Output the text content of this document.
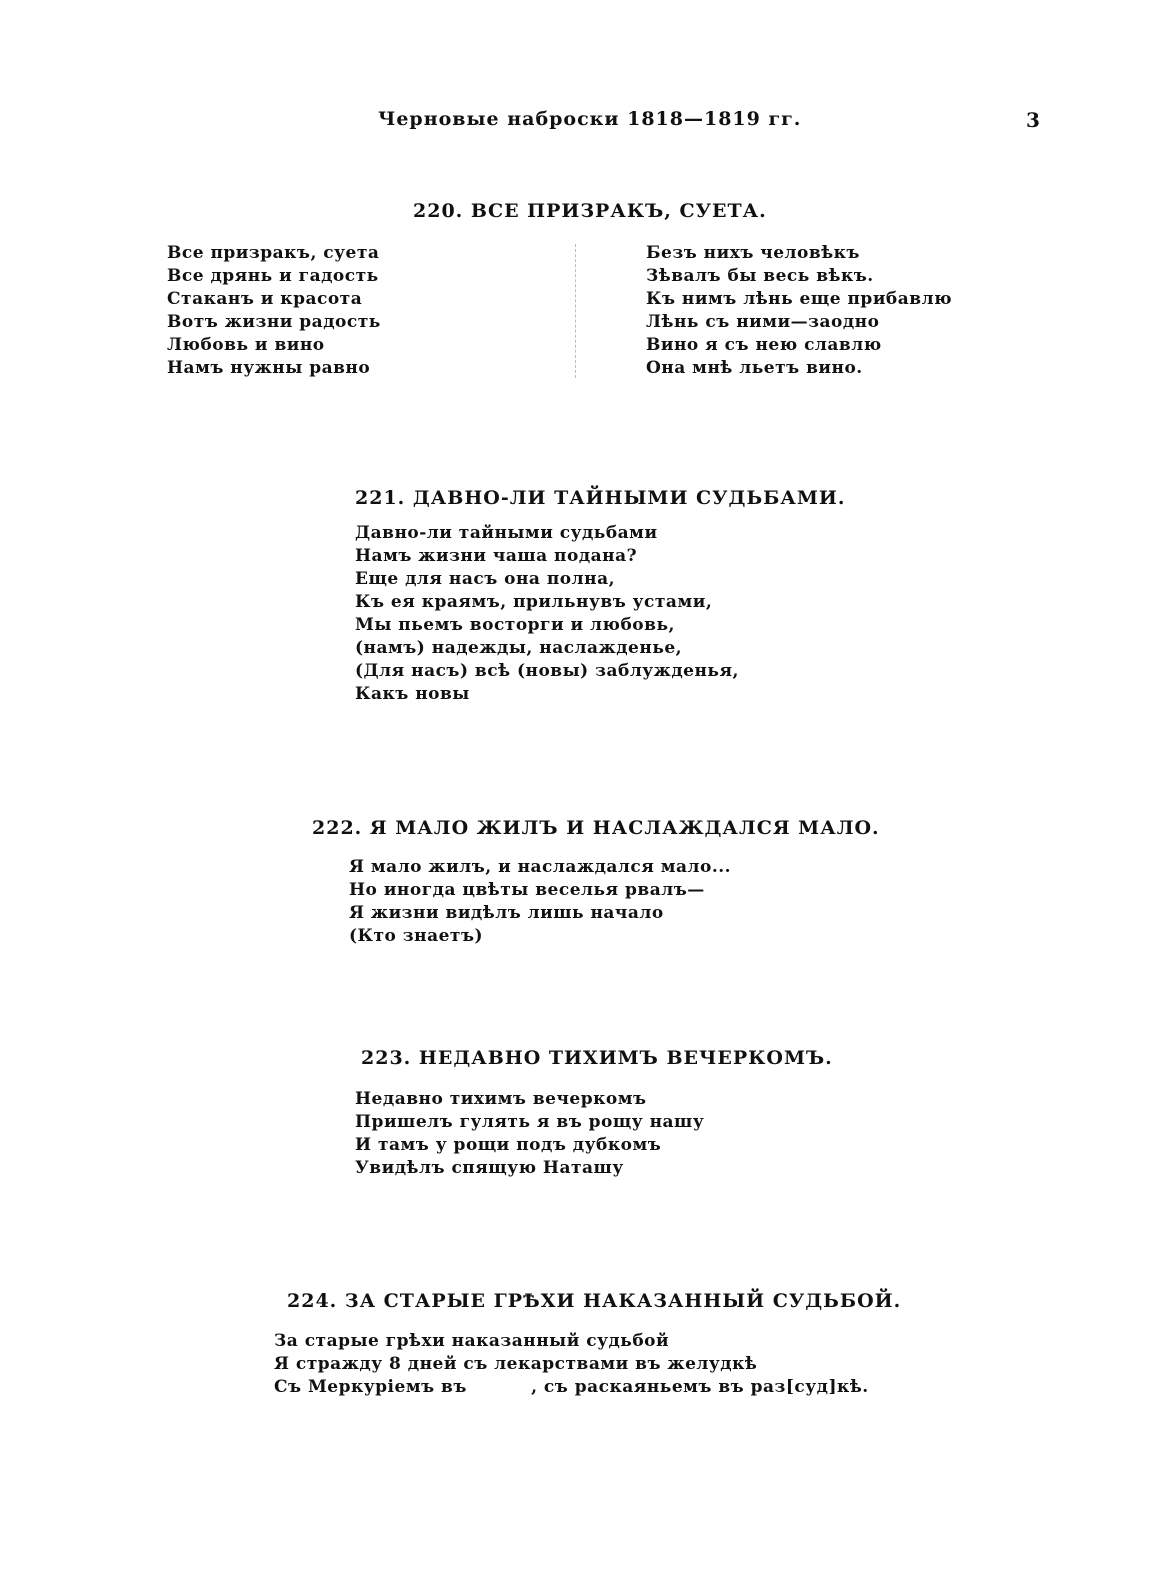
Черновые наброски 1818—1819 гг.	3
220. ВСЕ ПРИЗРАКЪ, СУЕТА.
Все призракъ, суета
Все дрянь и гадость
Стаканъ и красота
Вотъ жизни радость
Любовь и вино
Намъ нужны равно
Безъ нихъ человѣкъ
Зѣвалъ бы весь вѣкъ.
Къ нимъ лѣнь еще прибавлю
Лѣнь съ ними—заодно
Вино я съ нею славлю
Она мнѣ льетъ вино.
221. ДАВНО-ЛИ ТАЙНЫМИ СУДЬБАМИ.
Давно-ли тайными судьбами
Намъ жизни чаша подана?
Еще для насъ она полна,
Къ ея краямъ, прильнувъ устами,
Мы пьемъ восторги и любовь,
(намъ) надежды, наслажденье,
(Для насъ) всѣ (новы) заблужденья,
Какъ новы
222. Я МАЛО ЖИЛЪ И НАСЛАЖДАЛСЯ МАЛО.
Я мало жилъ, и наслаждался мало...
Но иногда цвѣты веселья рвалъ—
Я жизни видѣлъ лишь начало
(Кто знаетъ)
223. НЕДАВНО ТИХИМЪ ВЕЧЕРКОМЪ.
Недавно тихимъ вечеркомъ
Пришелъ гулять я въ рощу нашу
И тамъ у рощи подъ дубкомъ
Увидѣлъ спящую Наташу
224. ЗА СТАРЫЕ ГРѢХИ НАКАЗАННЫЙ СУДЬБОЙ.
За старые грѣхи наказанный судьбой
Я стражду 8 дней съ лекарствами въ желудкѣ
Съ Меркуріемъ въ          , съ раскаяньемъ въ раз[суд]кѣ.
